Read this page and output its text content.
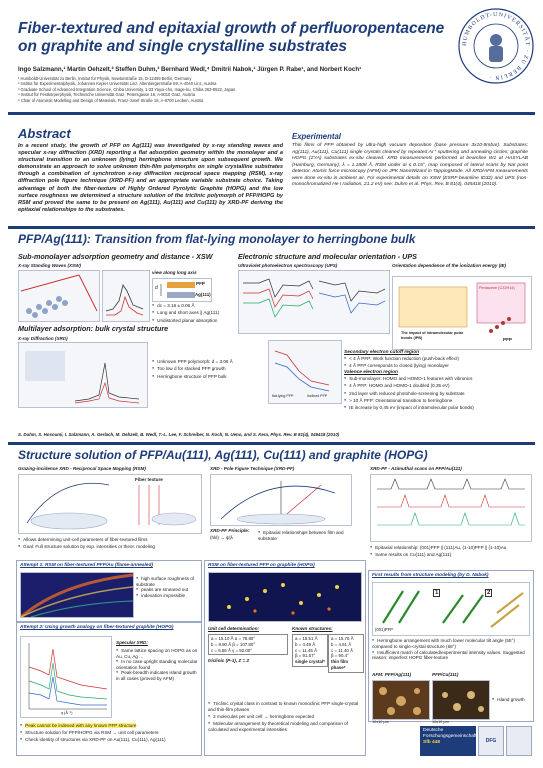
Fiber-textured and epitaxial growth of perfluoropentacene on graphite and single crystalline substrates
Ingo Salzmann,¹ Martin Oehzelt,² Steffen Duhm,³ Bernhard Wedl,⁴ Dmitrii Nabok,¹ Jürgen P. Rabe¹, and Norbert Koch¹
¹ Humboldt-Universität zu Berlin, Institut für Physik, Newtonstraße 15, D-12489 Berlin, Germany
² Institut für Experimentalphysik, Johannes Kepler Universität Linz, Altenbergerstraße 69, A-4040 Linz, Austria
³ Graduate School of Advanced Integration Science, Chiba University, 1-33 Yayoi-cho, Inage-ku, Chiba 263-8522, Japan
⁴ Institut für Festkörperphysik, Technische Universität Graz, Petersgasse 16, A-8010 Graz, Austria
⁵ Chair of Atomistic Modelling and Design of Materials, Franz-Josef Straße 18, A-8700 Leoben, Austria
HUMBOLDT-UNIVERSITÄT · ZU BERLIN ·
Abstract
In a recent study, the growth of PFP on Ag(111) was investigated by x-ray standing waves and specular x-ray diffraction (XRD) reporting a flat adsorption geometry within the monolayer and a structural transition to an unknown (lying) herringbone structure upon subsequent growth. We demonstrate an approach to solve unknown thin-film polymorphs on single crystalline substrates through a combination of synchrotron x-ray diffraction reciprocal space mapping (RSM), x-ray diffraction pole figure technique (XRD-PF) and an appropriate variable substrate choice. Taking advantage of both the fiber-texture of Highly Ordered Pyrolytic Graphite (HOPG) and the low surface roughness we determined a structure solution of the triclinic polymorph of PFP/HOPG by RSM and proved the same to be present on Ag(111), Au(111) and Cu(111) by XRD-PF deriving the epitaxial relationships to the substrates.
Experimental
Thin films of PFP obtained by ultra-high vacuum deposition (base pressure 3x10-9mbar). Substrates: Ag(111), Au(111), Cu(111) single crystals cleaned by repeated Ar⁺ sputtering and annealing circles; graphite HOPG (ZYA) substrates ex-situ cleaved. XRD measurements performed at beamline W1 at HASYLAB (Hamburg, Germany), λ = 1.1808 Å, RSM under αi ≤ 0.15°, map composed of lateral scans by NaI point detector. Atomic force microscopy (AFM) on JPK NanoWizard in TappingMode. All XRD/AFM measurements were done ex-situ in ambient air. For experimental details on XSW (ESRF-beamline ID32) and UPS (non-monochromatized He I radiation, 21.2 eV) see: Duhm et al. Phys. Rev. B 81(4), 045418 (2010).
PFP/Ag(111): Transition from flat-lying monolayer to herringbone bulk
Sub-monolayer adsorption geometry and distance - XSW
X-ray Standing Waves (XSW)
view along long axis
d
PFP
Ag(111)
● dc = 3.16 ± 0.06 Å
● Long and short axes ∥ Ag(111)
● Undistorted planar absorption
Electronic structure and molecular orientation - UPS
Ultraviolet photoelectron spectroscopy (UPS)	Orientation dependence of the ionization energy (IE)
Pentacene (C22H14)
The impact of intramolecular polar bonds (IPB)	PFP
Multilayer adsorption: bulk crystal structure
X-ray Diffraction (XRD)
● Unknown PFP polymorph: d = 3.06 Å
● Too low d for stacked PFP growth
● Herringbone structure of PFP bulk
flat-lying PFP	inclined PFP
Secondary electron cutoff region
● < 4 Å PFP: Work function reduction (push-back effect)
● 4 Å PFP corresponds to closed (lying) monolayer
Valence electron region
● Sub-monolayer: HOMO and HOMO-1 features with vibronics
● 4 Å PFP: HOMO and HOMO-1 doubled (0.35 eV)
● 2nd layer with reduced photohole-screening by substrate
● > 10 Å PFP: Orientational transition to herringbone
● IE increase by 0.45 eV (impact of intramolecular polar bonds)
S. Duhm, S. Hosoumi, I. Salzmann, A. Gerlach, M. Oehzelt, B. Wedl, T.-L. Lee, F. Schreiber, N. Koch, N. Ueno, and S. Kera, Phys. Rev. B 81(4), 045418 (2010)
Structure solution of PFP/Au(111), Ag(111), Cu(111) and graphite (HOPG)
Grazing-incidence XRD - Reciprocal Space Mapping (RSM)
Fiber texture
● Allows determining unit-cell parameters of fiber-textured films
● Goal: Full structure solution by exp. intensities or theor. modeling
XRD - Pole Figure Technique (XRD-PF)
XRD-PF Principle:
(hkl) → ψ|λ
● Epitaxial relationships between film and substrate
XRD-PF - Azimuthal scans on PFP/Au(111)
● Epitaxial relationship: (001)PFP ∥ (111)Au, (1-10)PFP ∥ (1-10)Au
● Same results on Cu(111) and Ag(111)
Attempt 1: RSM on fiber-textured PFP/Au (flame-annealed)
● high surface roughness of substrate
● peaks are smeared out
● indexation impossible
Attempt 2: Using growth analogy on fiber-textured graphite (HOPG)
q (Å⁻¹)
Specular XRD:
● Same lattice spacing on HOPG as on Au, Cu, Ag ...
● In no case upright standing molecular orientation found
● Peak-breadth indicates island growth in all cases (proved by AFM)
● Peak cannot be indexed with any known PFP structure
● Structure solution for PFP/HOPG via RSM → unit cell parameters
● Check identity of structures via XRD-PF on Au(111), Cu(111), Ag(111)
RSM on fiber-textured PFP on graphite (HOPG)
Unit cell determination:
a = 15.10 Å α = 78.80°
b = 8.90 Å β = 107.80°
c = 6.56 Å γ = 92.00°
triclinic (P-1), Z = 2
Known structures:
a = 15.51 Å
b = 4.49 Å
c = 11.45 Å
β = 91.57°
single crystal*
a = 15.76 Å
b = 4.51 Å
c = 11.40 Å
β = 90.4°
thin film phase*
● Triclinic crystal class in contrast to known monoclinic PFP single-crystal and thin-film phases
● 2 molecules per unit cell → herringbone expected
● Molecular arrangement by theoretical modeling and comparison of calculated and experimental intensities
First results from structure modeling (by D. Nabok)
1	2
(001)PFP
● Herringbone arrangement with much lower molecular tilt angle (55°) compared to single-crystal structure (68°)
● Insufficient match of calculated/experimental intensity values. Suggested reason: imperfect HOPG fiber-texture
AFM: PFP/Ag(111)	PFP/Cu(111)
10x10 µm	10x10 µm
● Island growth
Deutsche Forschungsgemeinschaft
Sfb 448	DFG
